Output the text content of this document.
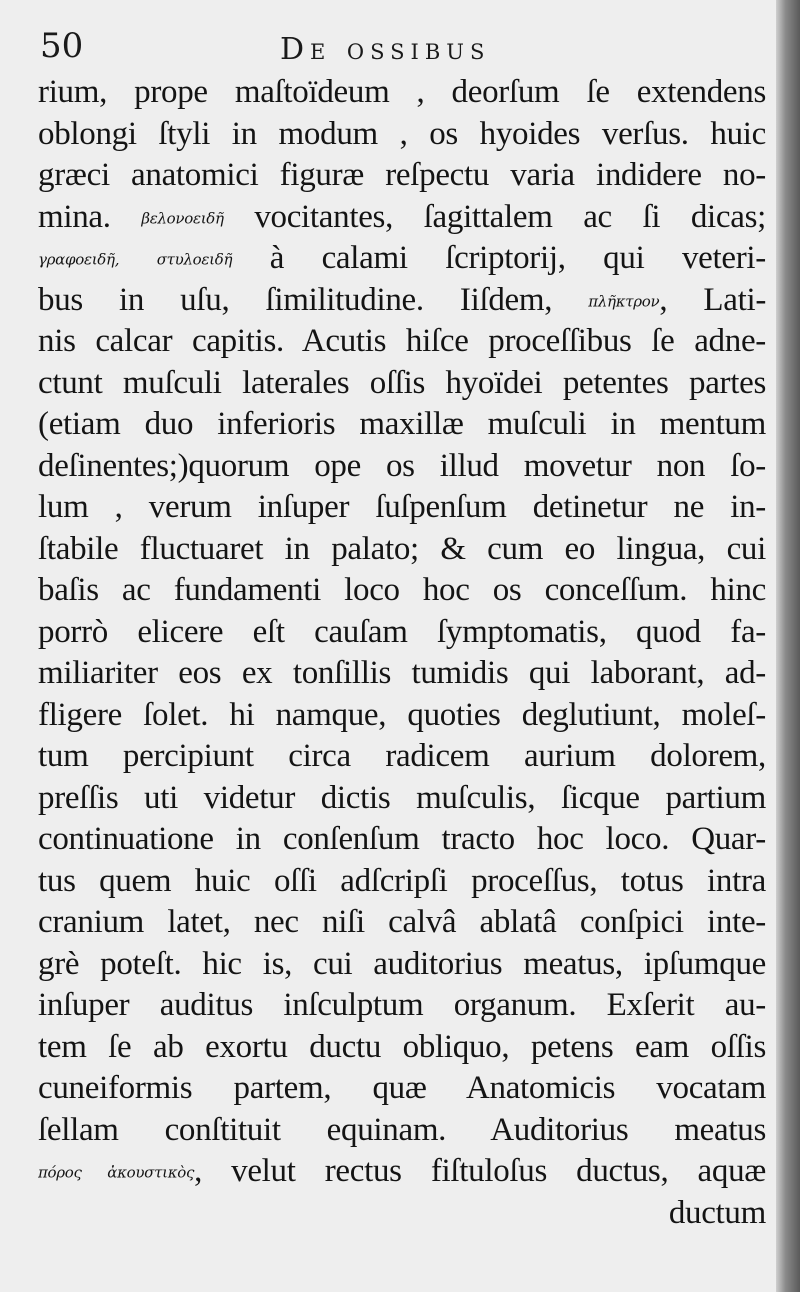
50	De ossibus
rium, prope maſtoïdeum , deorſum ſe extendens
oblongi ſtyli in modum , os hyoides verſus. huic
græci anatomici figuræ reſpectu varia indidere no-
mina. βελονοειδῆ vocitantes, ſagittalem ac ſi dicas;
γραφοειδῆ,	στυλοειδῆ à calami ſcriptorij, qui veteri-
bus in uſu, ſimilitudine. Iiſdem, πλῆκτρον, Lati-
nis calcar capitis. Acutis hiſce proceſſibus ſe adne-
ctunt muſculi laterales oſſis hyoïdei petentes partes
(etiam duo inferioris maxillæ muſculi in mentum
deſinentes;)quorum ope os illud movetur non ſo-
lum , verum inſuper ſuſpenſum detinetur ne in-
ſtabile fluctuaret in palato; & cum eo lingua, cui
baſis ac fundamenti loco hoc os conceſſum. hinc
porrò elicere eſt cauſam ſymptomatis, quod fa-
miliariter eos ex tonſillis tumidis qui laborant, ad-
fligere ſolet. hi namque, quoties deglutiunt, moleſ-
tum percipiunt circa radicem aurium dolorem,
preſſis uti videtur dictis muſculis, ſicque partium
continuatione in conſenſum tracto hoc loco. Quar-
tus quem huic oſſi adſcripſi proceſſus, totus intra
cranium latet, nec niſi calvâ ablatâ conſpici inte-
grè poteſt. hic is, cui auditorius meatus, ipſumque
inſuper auditus inſculptum organum. Exſerit au-
tem ſe ab exortu ductu obliquo, petens eam oſſis
cuneiformis partem, quæ Anatomicis vocatam
ſellam conſtituit equinam. Auditorius meatus
πόρος ἀκουστικὸς, velut rectus fiſtuloſus ductus, aquæ
ductum
